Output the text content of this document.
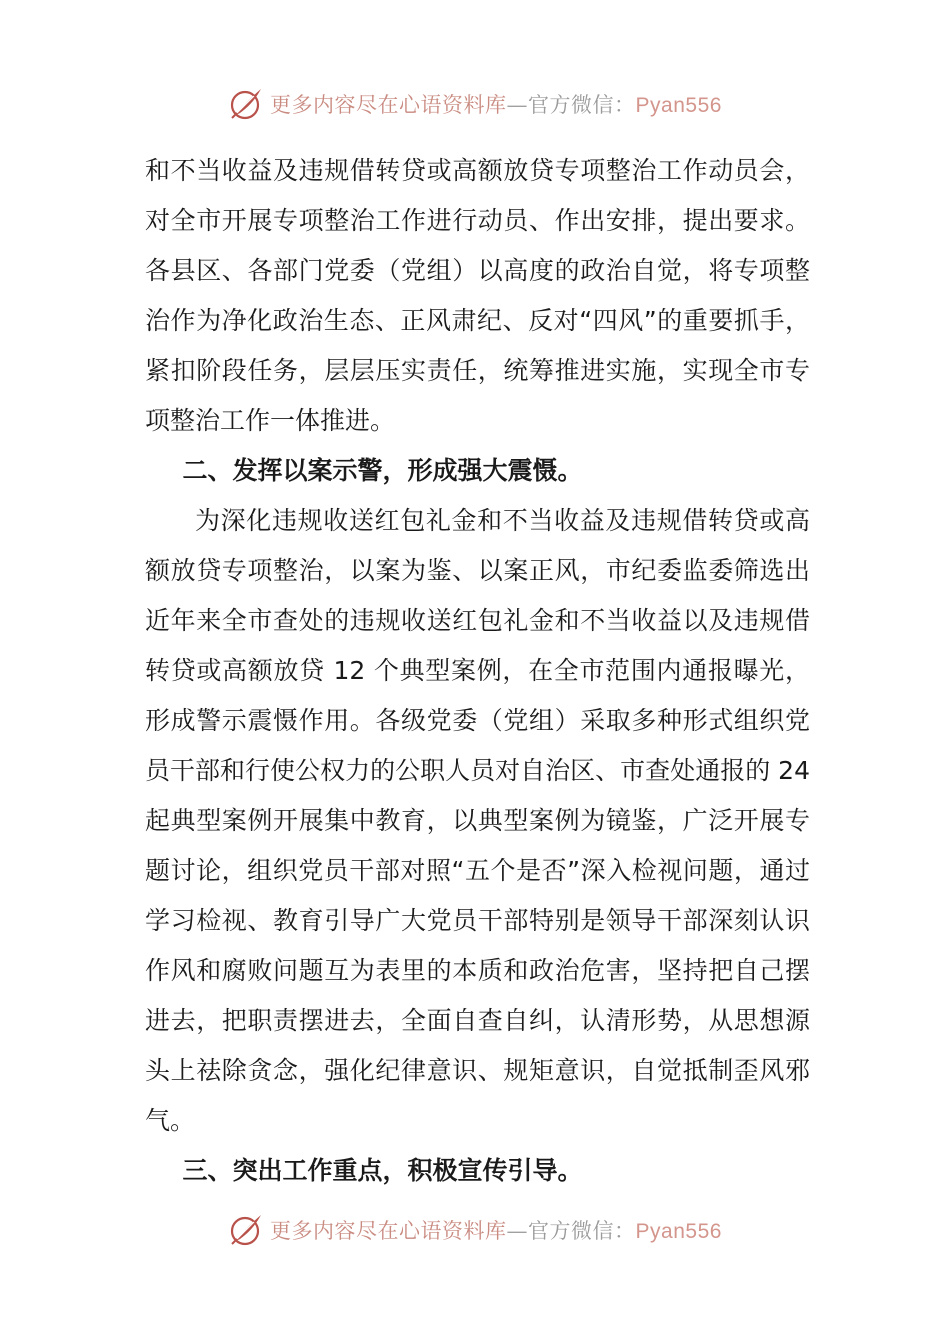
更多内容尽在心语资料库—官方微信：Pyan556

和不当收益及违规借转贷或高额放贷专项整治工作动员会，对全市开展专项整治工作进行动员、作出安排，提出要求。各县区、各部门党委（党组）以高度的政治自觉，将专项整治作为净化政治生态、正风肃纪、反对“四风”的重要抓手，紧扣阶段任务，层层压实责任，统筹推进实施，实现全市专项整治工作一体推进。

二、发挥以案示警，形成强大震慑。

为深化违规收送红包礼金和不当收益及违规借转贷或高额放贷专项整治，以案为鉴、以案正风，市纪委监委筛选出近年来全市查处的违规收送红包礼金和不当收益以及违规借转贷或高额放贷 12 个典型案例，在全市范围内通报曝光，形成警示震慑作用。各级党委（党组）采取多种形式组织党员干部和行使公权力的公职人员对自治区、市查处通报的 24 起典型案例开展集中教育，以典型案例为镜鉴，广泛开展专题讨论，组织党员干部对照“五个是否”深入检视问题，通过学习检视、教育引导广大党员干部特别是领导干部深刻认识作风和腐败问题互为表里的本质和政治危害，坚持把自己摆进去，把职责摆进去，全面自查自纠，认清形势，从思想源头上祛除贪念，强化纪律意识、规矩意识，自觉抵制歪风邪气。

三、突出工作重点，积极宣传引导。

更多内容尽在心语资料库—官方微信：Pyan556
